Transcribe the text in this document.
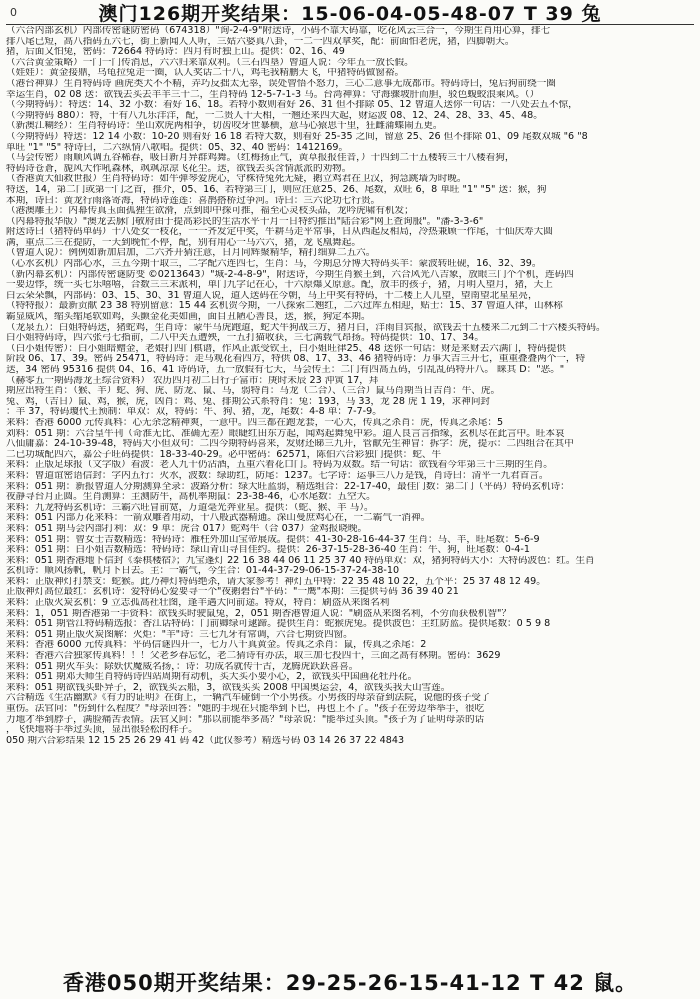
0	澳门126期开奖结果：15-06-04-05-48-07 T 39 兔
（六合内部玄机）内部传密谜防密码（674318）"询-2-4-9"附送诗，小码不靠大码靠，吃花风云三合一，今期生肖用心算，排七
排八尾已短，高八指码五六七，街上新闻人人听，三姑六婆真八卦，一二一四双拿奖，配：前面怕老虎，猪，四脚朝天。
猪，后面又怕兔，密码：72664 特码诗：四月有时独上山。提供：02、16、49
（六合黄金策略）一门一门传消息，六六归来靠双利。（三石四垦）曾道人说：今年五一放长假。
（娃娃）：黄金接鼎，乌龟拉兔走一圈，认人奖话二十八，鸡毛我精鹏天飞，中猪特码做窗裕。
（港台神算）生肖特码诗 画虎类犬不不精，弄巧反拙太无辜，误处曾悟不怒力，三心二意事无成都市。特码诗曰，兔后狗前绕一圈
幸运生肖，02 08 送：欲钱去买去羊羊三十二，生肖特码 12-5-7-1-3 马。台湾神算：守海骤坡肝而胆，驳色蝮蛟浪乘风。（）
（今期特码）：特送：14、32 小数：看好 16、18。若特小数则看好 26、31 但不排除 05、12 曾道人送你一句话：一八处去五不惊，
（今期特码 880）：特，十有八九乐洋洋，配，一二贵人十天相，一翘还来四大起，财运波 08、12、24、28、33、45、48。
（新澳江糊经）：生肖特码诗：坐山欢虎两相争，切齿咬牙世暴横，意马心猿思千里，狂雌蒲蝶闹五更。
（今期特码）特送：12 14 小数：10-20 则看好 16 18 若特大数，则看好 25-35 之间，留意 25、26 但不排除 01、09 尾数双城 "6 "8
单旺 "1" "5" 特诗曰，二六纵情八歌唱。提供：05、32、40 密码：1412169。
（马会传密）雨顺风调五谷稀春，吸日新月异群鸡舞。（红梅扬正气，黄草报报佳音，）十四到二十五楼转三十八楼看狗，
特码诗苍蒼，旎风大作吼森林，飒飒凉凉飞花尘。送，欲钱去买含情派派的劝物。
（香港黄大仙救世报）生肖特码诗：如牛弹琴爱虎心，守株待兔死无疑，鹅立鸡君在卫汉，狗急跳墙为时晚。
特送，14，第二门或第一门之首，推介，05、16、若特第三门，则应注意25、26、尾数，双旺 6，8 单旺 "1" "5" 送：猴，狗
本期，诗曰：黄龙行雨落寄海，特码诗莲莲：喜鹊搭桥过争河。诗曰：三六论功七行贵。
（港澳雕王）：内幕传真玉面孤狸生欲滑，点到即中探可推，福至心灵枝头晶，龙吟虎啸有机发；
（内幕特报华版）"澳龙去脉门敬府由于提高彩民的生活水平十月一日特约推出"陆合彩"网上查询服"。"潘-3-3-6"
附送诗曰（猪特码单码）十八处女一枝花，一一齐发定中奖，牛耕马走平常事，日从西起反相局，冷热兼顾一作尾，十仙庆寿大圆
满，重点二三在提防，一天到晚忙不停，配，别有用心一马六六，猪，龙飞凰舞起。
（曾道人说）：例例如新加启加，二六齐开猜注意，日月同辉聚精华，精打细算二五六。
（心水玄机）内部心水，三五今期十取三，二字配六连四七，生肖：马，今期总分博大特码买羊：蒙波转旺砚，16、32、39。
（新内幕玄机）：内部传密谜防变 ©0213643）"城-2-4-8-9"，附送诗，今期生肖猴王到，六合风光八吉象，放眼三门个个机，连码四
一要边悸，统一买七乐嘻嘻，合数三三末派利，单门九字记在心，十六原爆又原意。配，放丰的孩子，猪，月明人望月，猪，天上
白云朵朵飘，内部码：03、15、30、31 曾道人说，道人送码在今朝，马上中奖有特码，十二楼上人儿望，望南望北星星亮，
（特特报）：最新贡献 23 38 特别留意：15 44 玄机贺今期，一八探索二翘红，二六过库五相迎，贴士：15、37 曾道人律，山林称
霸显威风，缩头缩尾软如鸡，头颤金花美如画，面目丑陋心善良，送，猴，狗定本期。
（龙泉五）：白姐特码送，猪蛇鸡，生肖诗：蒙牛马虎跑道，蛇犬牛狗战三方，猪月白，洋雨自宾报，欲钱去干五楼来二元到二十六楼买特码。
白小姐特码诗，四六张弓七指前，二八中关五遭殃，一五打猫收获，三七满载气昂扬。特码提供：10、17、34。
（白小姐传密）：白小姐暗赠金，老娘打四门棋谱，作风正派受钦王，白小姐旺律25、48 送你一句话：财是来财去六满门，特码提供
阶段 06、17、39。密码 25471，特码诗：走马观花看四方，特供 08、17、33、46 猪特码诗：万事大吉三开七，重重叠叠两个一，特
送，34 密码 95316 提供 04、16、41 诗码诗，五一放假有七天，马会传王：二门有四高五码，引乱乱码特开八。 睐其 D："恶。"
（赫零五一期码海龙王综合资料） 农历四月初二日行子富市：庚时未辰 23 沖寅 17，拜
期应出特生肖：（猴、羊）蛇、狗、虎、防龙、鼠、马，弱特肖：马龙（二合）、（三合）鼠马肖期当日吉肖：牛、虎。
兔、鸡，（吉日）鼠、鸡，猴，虎，凶肖：鸡、兔、排期公式系特肖：兔：193，马 33，龙 28 虎 1 19，求神问封
：羊 37，特码瓊代王预制：单双：双，特码：牛、狗、猪，龙，尾数：4-8 单：7-7-9。
来料：香港 6000 元传真料：心无余念精神爽，一意中。四三都在跑龙套，一心大，传真之杀肖：虎，传真之杀尾：5
刘料：051 期：六合皇牛刊（奇淮无比、准确无差）眼睫红田东方起，闻鸡起舞兔中彩。道人良言言指缘，玄机尽在此言中。旺本哀
八仙庸嘉：24-10-39-48，特码大小但双句：二四今期特码喜来，发财还睇三九开，管献先生神冒：拆字：虎，提示：二四组合在其中
二已功城配四六，嘉公子旺码提供：18-33-40-29。必中密码：62571，陈伯六合彩独门提供：蛇、牛
来料：正版足球报（文字版）看波：老人九十仍沾酒，五重六着花口门。特码为双数。结一句话：欲钱看今年第三十三期的生肖。
来料：曾道谊密语信封：字内五行：火水，波数：绿助红，防尾：1237。七字诗：运事三八万是钱，肖诗曰：清平一九君首言。
来料：051 期：新报曾道人分期测算全录：波路分析：绿大旺蓝弱，精选组合：22-17-40，最佳门数：第二门（平码）特码玄机诗：
夜静寻台月正圆。生肖测算：主测防牛，高机率期鼠：23-38-46，心水尾数：五空大。
来料：九龙特码玄机诗：三霸六旺冒前宽，万道毫光奔业星。提供：（蛇、猴、羊 马）。
来料：051 内部万花来料：一箭双雕者用动，十八般武器精通。深山曼庶鸡心在，一二霸气一消禅。
来料：051 期马会内部打利：双：9 单：虎合 017）蛇鸡牛（合 037）金鸡报晓晚。
来料：051 期：曾女士吉数精选：特码诗：雁柱外加山宝帝展成。提供：41-30-28-16-44-37 生肖：马、羊，旺尾数：5-6-9
来料：051 期：白小姐吉数精选：特码诗：绿山青山寻自佳约。提供：26-37-15-28-36-40 生肖：牛、狗，旺尾数：0-4-1
来料：051 期香港地下信封《泰棋楼宿》；九宝蓬灯 22 16 38 44 06 11 25 37 40 特码单双：双，猪狗特码大小：大特码波色：红。生肖
玄机诗：顺风扬帆，帆月下日去。主：一霸气，今生合：01-44-37-29-06-15-37-24-38-10
来料：正版神灯打禁支：蛇猴。此乃神灯特码绝杀，请大家参考！神灯五中特：22 35 48 10 22，五个平：25 37 48 12 49。
正版神灯高位最红：玄机诗：爱特码心爱要寻一个"夜鹅碧台"平码："一鹰"本期：三提供号码 36 39 40 21
来料：正版火炭玄机：9 立志孤高社壮图，逢羊遇大问前途。特双，特肖：刷盗从来图名利
来料：1，051 期香港第一手资料：欲钱买时驶鼠兔，2，051 期香港曾道人说："刷盗从来图名利，不劳而获极机智"？
来料：051 期管江特码精选报：香江话特码：门前卿绿可逮蹄。提供生肖：蛇猴虎兔。提供波色：主红防蓝。提供尾数：0 5 9 8
来料：051 期正版火炭图解：火炬："羊"诗：三七九牙有常调，六合七期资四窗。
来料：香港 6000 元传真料：平码信谜四开一，七万八千真黄金。传真之杀肖：鼠，传真之杀尾：2
来料：香港六合独家传真料！！！父老乡春忘忆，老二猜诗有办法，取三加七投四十，三面之高有林期。密码：3629
来料：051 期火车头：除妖伏魔威名扬，：诗：功成名就传千古，龙腾虎跃跃喜喜。
来料：051 期邓天师生肖特码诗四站周期有动机，买大买小要小心，2，欲钱买中国画花牡丹花。
来料：051 期欲钱买虾异子，2，欲钱买云船，3，欲钱买买 2008 中国奥运会，4，欲钱买我天山雪莲。
六合精选《生活幽默》《有力的证明》在街上，一辆汽车碰倒一个小男孩。小男孩的母亲奋到法院，说他的孩子受了
重伤。法官问："伤到什么程度？"母亲回答："她的手现在只能举到下巴，再也上不了。"孩子在旁边举举手，很吃
力地才举到脖子，满脸痛苦表情。法官又问："那以前能举多高？"母亲说："能举过头顶。"孩子为了证明母亲的话
，飞快地将手举过头顶，显出很轻松的样子。
050 期六合彩结果 12 15 25 26 29 41 码 42（此仅参考）精选号码 03 14 26 37 22 4843
香港050期开奖结果：29-25-26-15-41-12 T 42 鼠。
